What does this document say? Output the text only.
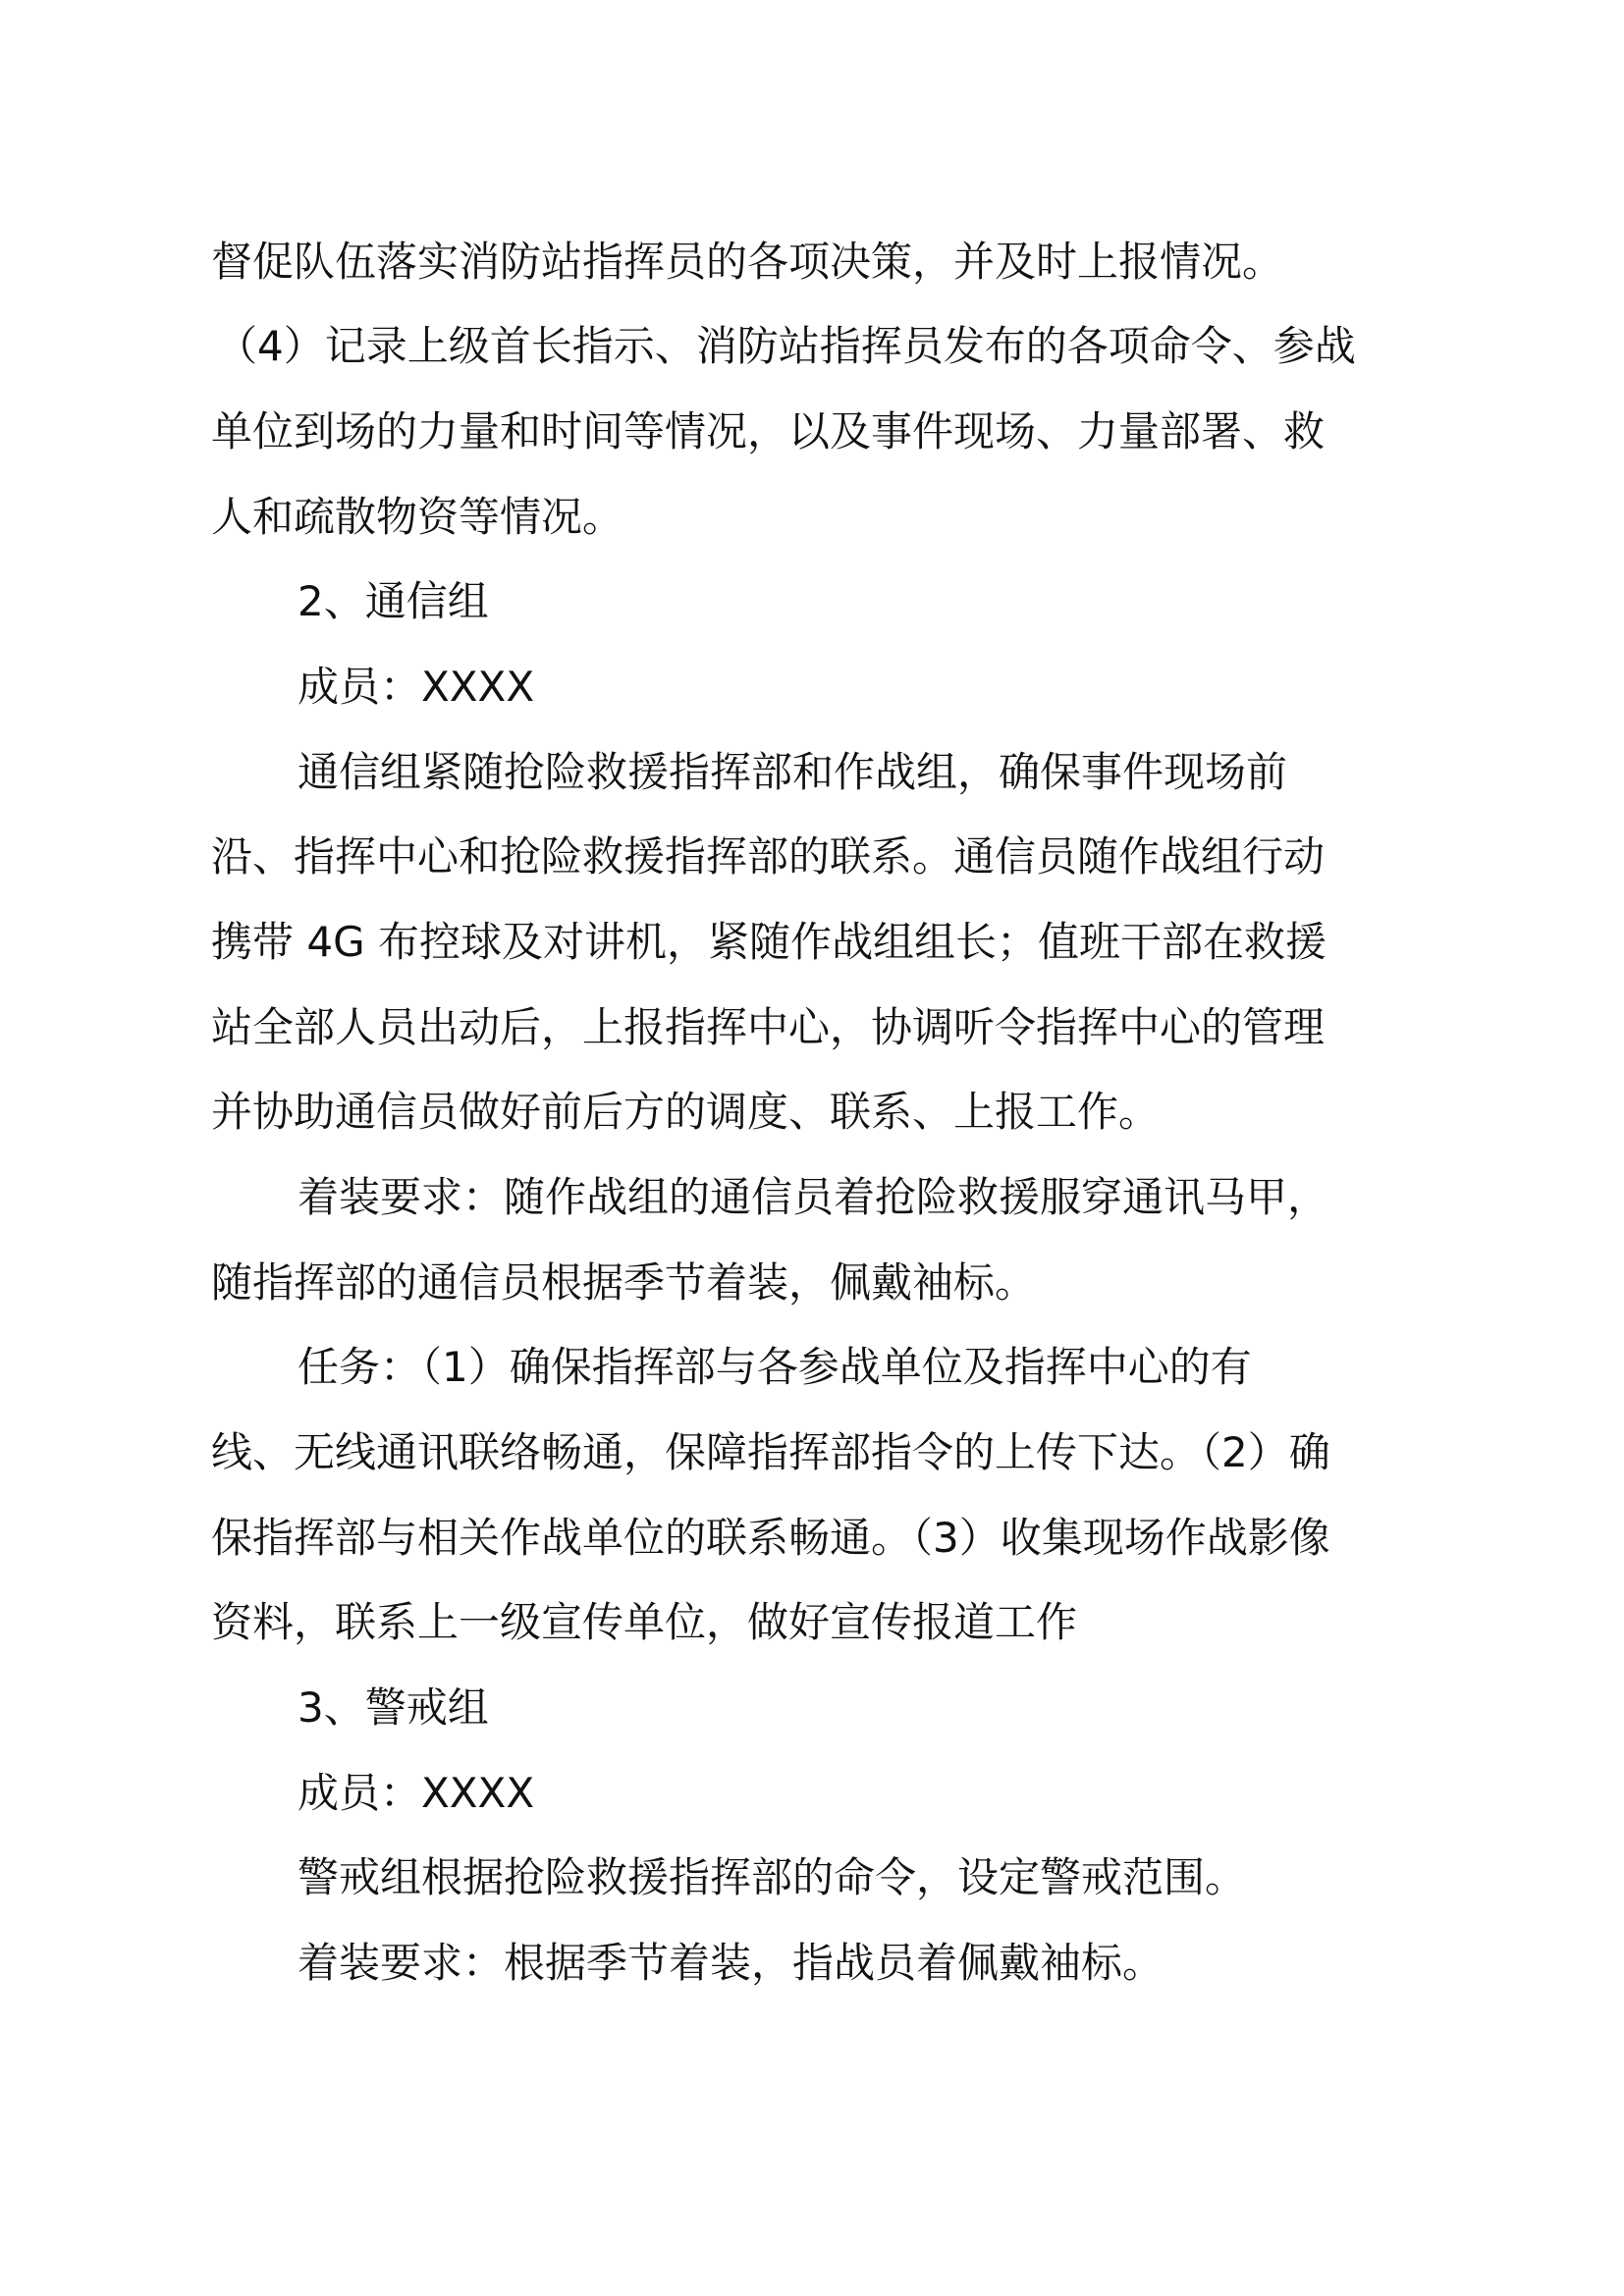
督促队伍落实消防站指挥员的各项决策，并及时上报情况。
（4）记录上级首长指示、消防站指挥员发布的各项命令、参战
单位到场的力量和时间等情况，以及事件现场、力量部署、救
人和疏散物资等情况。
2、通信组
成员：XXXX
通信组紧随抢险救援指挥部和作战组，确保事件现场前
沿、指挥中心和抢险救援指挥部的联系。通信员随作战组行动
携带 4G 布控球及对讲机，紧随作战组组长；值班干部在救援
站全部人员出动后，上报指挥中心，协调听令指挥中心的管理
并协助通信员做好前后方的调度、联系、上报工作。
着装要求：随作战组的通信员着抢险救援服穿通讯马甲，
随指挥部的通信员根据季节着装，佩戴袖标。
任务：（1）确保指挥部与各参战单位及指挥中心的有
线、无线通讯联络畅通，保障指挥部指令的上传下达。（2）确
保指挥部与相关作战单位的联系畅通。（3）收集现场作战影像
资料，联系上一级宣传单位，做好宣传报道工作
3、警戒组
成员：XXXX
警戒组根据抢险救援指挥部的命令，设定警戒范围。
着装要求：根据季节着装，指战员着佩戴袖标。
